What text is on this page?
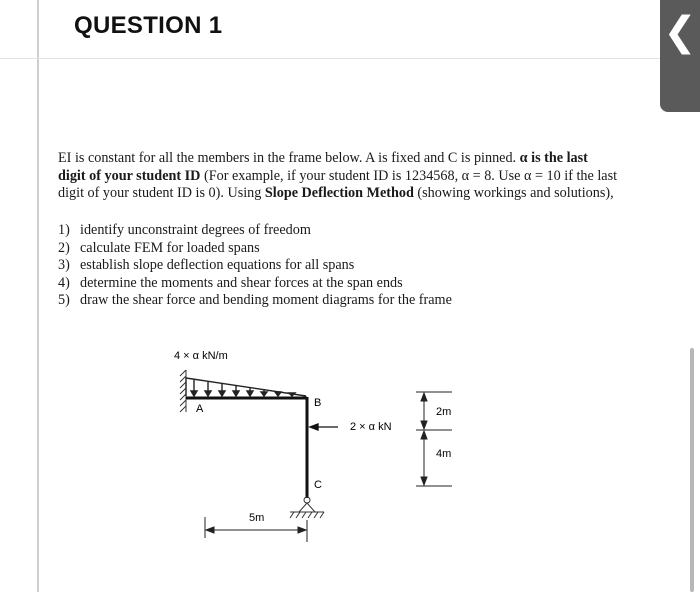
QUESTION 1	❮

EI is constant for all the members in the frame below. A is fixed and C is pinned. α is the last digit of your student ID (For example, if your student ID is 1234568, α = 8. Use α = 10 if the last digit of your student ID is 0). Using Slope Deflection Method (showing workings and solutions),

1) identify unconstraint degrees of freedom
2) calculate FEM for loaded spans
3) establish slope deflection equations for all spans
4) determine the moments and shear forces at the span ends
5) draw the shear force and bending moment diagrams for the frame
4 × α kN/m
A	B
C
2 × α kN
5m
2m
4m
